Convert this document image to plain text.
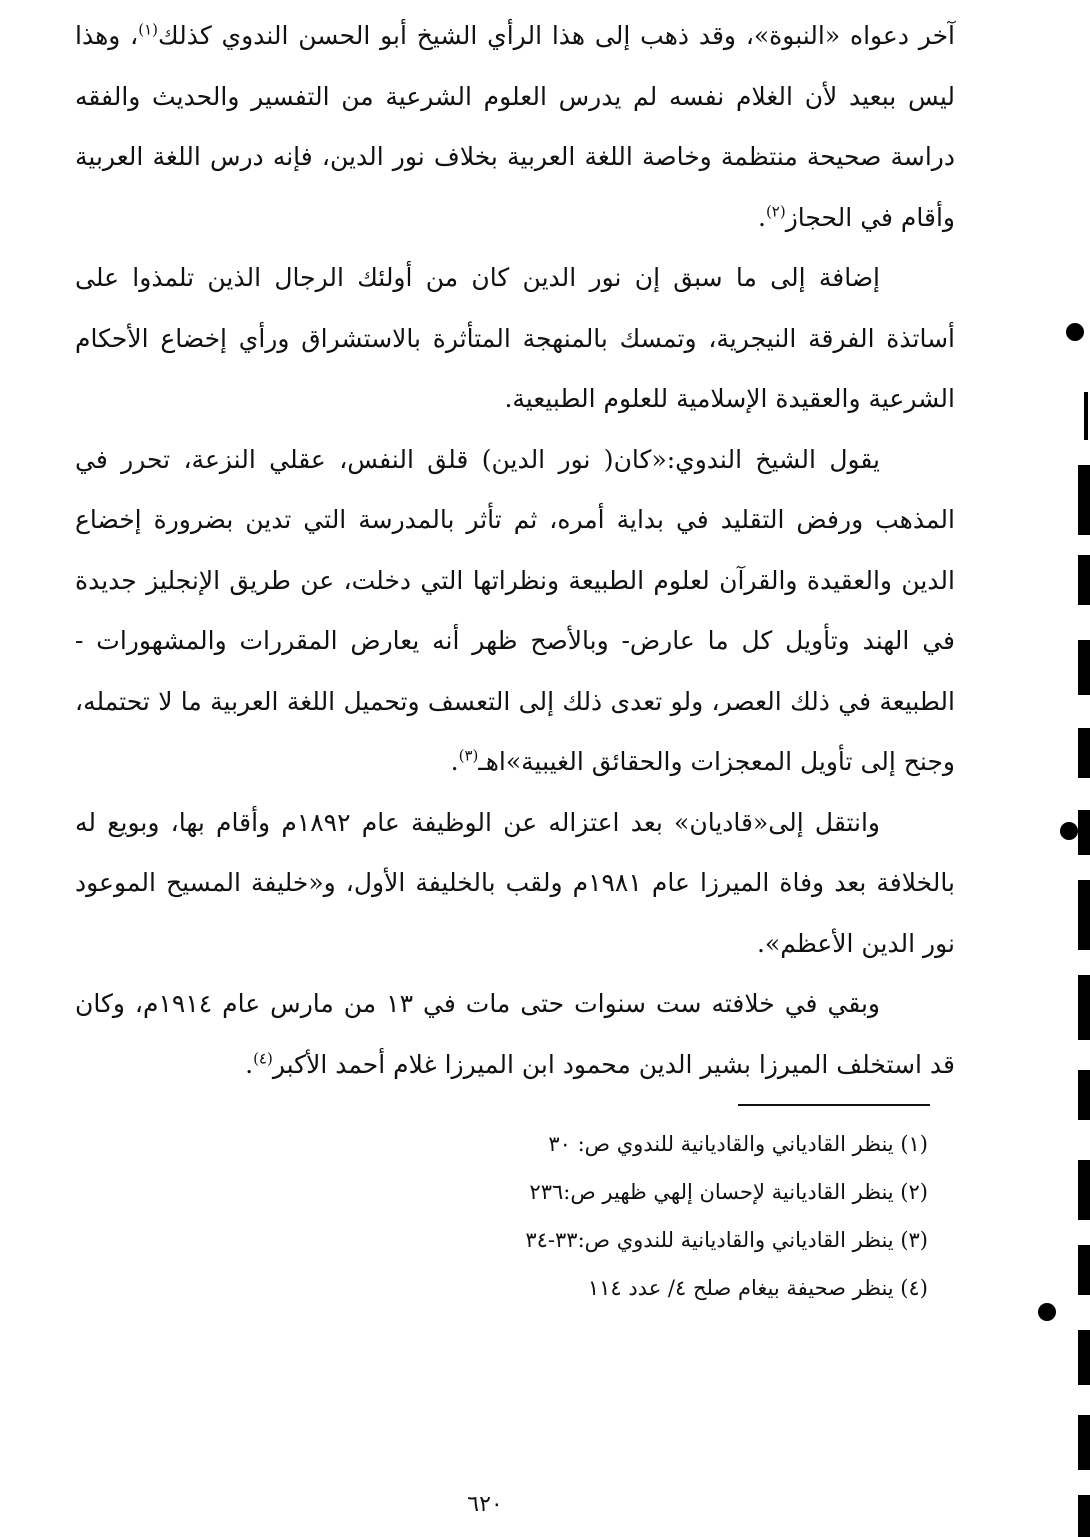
آخر دعواه «النبوة»، وقد ذهب إلى هذا الرأي الشيخ أبو الحسن الندوي كذلك$^{(١)}$، وهذا ليس ببعيد لأن الغلام نفسه لم يدرس العلوم الشرعية من التفسير والحديث والفقه دراسة صحيحة منتظمة وخاصة اللغة العربية بخلاف نور الدين، فإنه درس اللغة العربية وأقام في الحجاز$^{(٢)}$.

إضافة إلى ما سبق إن نور الدين كان من أولئك الرجال الذين تلمذوا على أساتذة الفرقة النيجرية، وتمسك بالمنهجة المتأثرة بالاستشراق ورأي إخضاع الأحكام الشرعية والعقيدة الإسلامية للعلوم الطبيعية.

يقول الشيخ الندوي:«كان( نور الدين) قلق النفس، عقلي النزعة، تحرر في المذهب ورفض التقليد في بداية أمره، ثم تأثر بالمدرسة التي تدين بضرورة إخضاع الدين والعقيدة والقرآن لعلوم الطبيعة ونظراتها التي دخلت، عن طريق الإنجليز جديدة في الهند وتأويل كل ما عارض- وبالأصح ظهر أنه يعارض المقررات والمشهورات - الطبيعة في ذلك العصر، ولو تعدى ذلك إلى التعسف وتحميل اللغة العربية ما لا تحتمله، وجنح إلى تأويل المعجزات والحقائق الغيبية»اهـ$^{(٣)}$.

وانتقل إلى«قاديان» بعد اعتزاله عن الوظيفة عام ١٨٩٢م وأقام بها، وبويع له بالخلافة بعد وفاة الميرزا عام ١٩٨١م ولقب بالخليفة الأول، و«خليفة المسيح الموعود نور الدين الأعظم».

وبقي في خلافته ست سنوات حتى مات في ١٣ من مارس عام ١٩١٤م، وكان قد استخلف الميرزا بشير الدين محمود ابن الميرزا غلام أحمد الأكبر$^{(٤)}$.

(١) ينظر القادياني والقاديانية للندوي ص: ٣٠

(٢) ينظر القاديانية لإحسان إلهي ظهير ص:٢٣٦

(٣) ينظر القادياني والقاديانية للندوي ص:٣٣-٣٤

(٤) ينظر صحيفة بيغام صلح ٤/ عدد ١١٤

٦٢٠
